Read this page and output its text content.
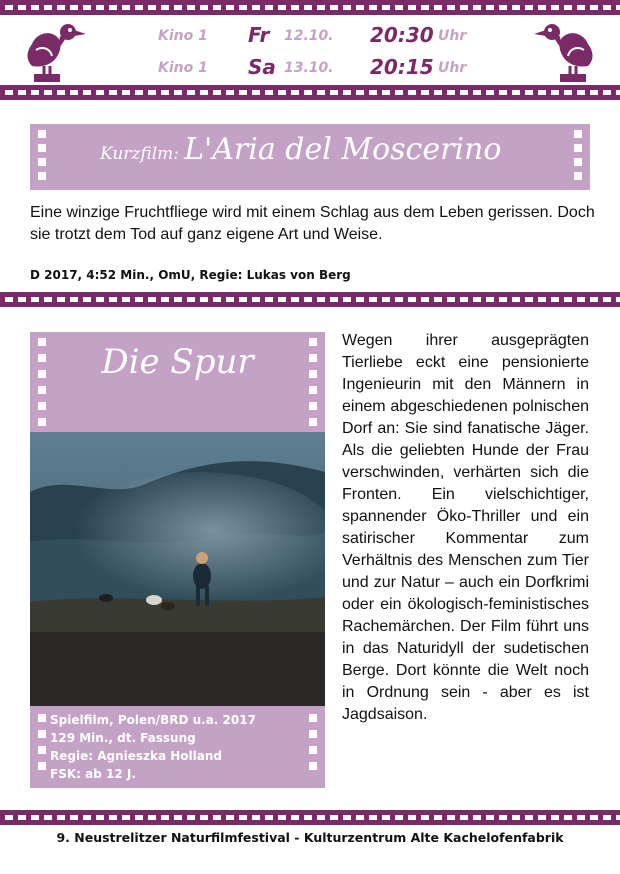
Kino 1 Fr 12.10. 20:30 Uhr
Kino 1 Sa 13.10. 20:15 Uhr
Kurzfilm: L'Aria del Moscerino
Eine winzige Fruchtfliege wird mit einem Schlag aus dem Leben gerissen. Doch sie trotzt dem Tod auf ganz eigene Art und Weise.
D 2017, 4:52 Min., OmU, Regie: Lukas von Berg
Die Spur
Spielfilm, Polen/BRD u.a. 2017
129 Min., dt. Fassung
Regie: Agnieszka Holland
FSK: ab 12 J.
Wegen ihrer ausgeprägten Tierliebe eckt eine pensionierte Ingenieurin mit den Männern in einem abgeschiedenen polnischen Dorf an: Sie sind fanatische Jäger. Als die geliebten Hunde der Frau verschwinden, verhärten sich die Fronten. Ein vielschichtiger, spannender Öko-Thriller und ein satirischer Kommentar zum Verhältnis des Menschen zum Tier und zur Natur – auch ein Dorfkrimi oder ein ökologisch-feministisches Rachemärchen. Der Film führt uns in das Naturidyll der sudetischen Berge. Dort könnte die Welt noch in Ordnung sein - aber es ist Jagdsaison.
9. Neustrelitzer Naturfilmfestival - Kulturzentrum Alte Kachelofenfabrik
